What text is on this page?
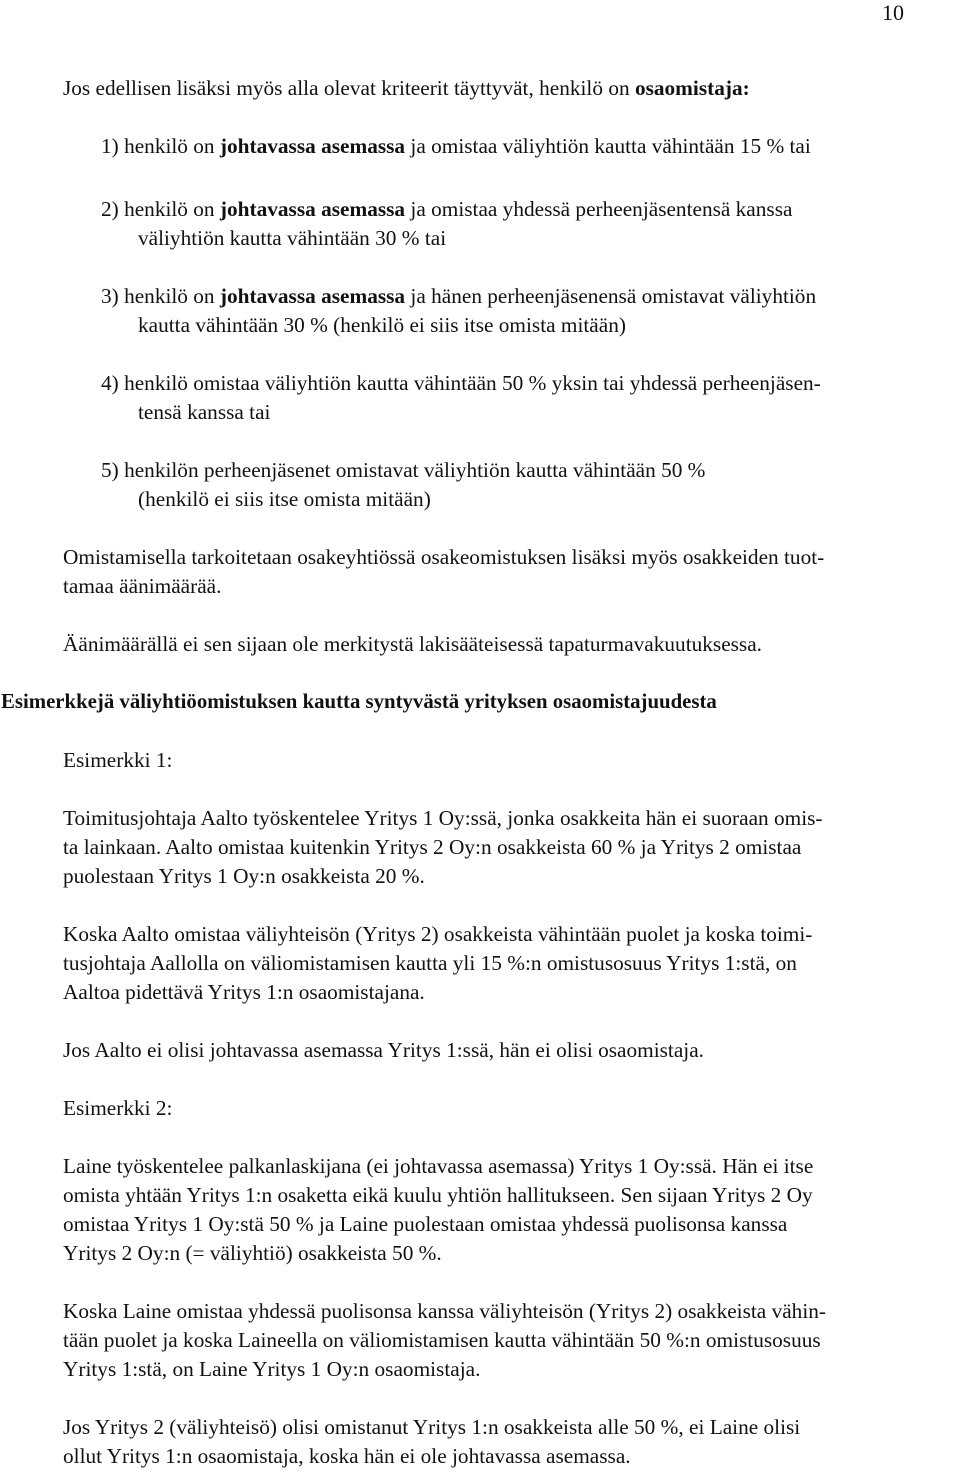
10

Jos edellisen lisäksi myös alla olevat kriteerit täyttyvät, henkilö on osaomistaja:

1) henkilö on johtavassa asemassa ja omistaa väliyhtiön kautta vähintään 15 % tai

2) henkilö on johtavassa asemassa ja omistaa yhdessä perheenjäsentensä kanssa

väliyhtiön kautta vähintään 30 % tai

3) henkilö on johtavassa asemassa ja hänen perheenjäsenensä omistavat väliyhtiön

kautta vähintään 30 % (henkilö ei siis itse omista mitään)

4) henkilö omistaa väliyhtiön kautta vähintään 50 % yksin tai yhdessä perheenjäsen-

tensä kanssa tai

5) henkilön perheenjäsenet omistavat väliyhtiön kautta vähintään 50 %

(henkilö ei siis itse omista mitään)

Omistamisella tarkoitetaan osakeyhtiössä osakeomistuksen lisäksi myös osakkeiden tuot-

tamaa äänimäärää.

Äänimäärällä ei sen sijaan ole merkitystä lakisääteisessä tapaturmavakuutuksessa.

Esimerkkejä väliyhtiöomistuksen kautta syntyvästä yrityksen osaomistajuudesta

Esimerkki 1:

Toimitusjohtaja Aalto työskentelee Yritys 1 Oy:ssä, jonka osakkeita hän ei suoraan omis-

ta lainkaan. Aalto omistaa kuitenkin Yritys 2 Oy:n osakkeista 60 % ja Yritys 2 omistaa

puolestaan Yritys 1 Oy:n osakkeista 20 %.

Koska Aalto omistaa väliyhteisön (Yritys 2) osakkeista vähintään puolet ja koska toimi-

tusjohtaja Aallolla on väliomistamisen kautta yli 15 %:n omistusosuus Yritys 1:stä, on

Aaltoa pidettävä Yritys 1:n osaomistajana.

Jos Aalto ei olisi johtavassa asemassa Yritys 1:ssä, hän ei olisi osaomistaja.

Esimerkki 2:

Laine työskentelee palkanlaskijana (ei johtavassa asemassa) Yritys 1 Oy:ssä. Hän ei itse

omista yhtään Yritys 1:n osaketta eikä kuulu yhtiön hallitukseen. Sen sijaan Yritys 2 Oy

omistaa Yritys 1 Oy:stä 50 % ja Laine puolestaan omistaa yhdessä puolisonsa kanssa

Yritys 2 Oy:n (= väliyhtiö) osakkeista 50 %.

Koska Laine omistaa yhdessä puolisonsa kanssa väliyhteisön (Yritys 2) osakkeista vähin-

tään puolet ja koska Laineella on väliomistamisen kautta vähintään 50 %:n omistusosuus

Yritys 1:stä, on Laine Yritys 1 Oy:n osaomistaja.

Jos Yritys 2 (väliyhteisö) olisi omistanut Yritys 1:n osakkeista alle 50 %, ei Laine olisi

ollut Yritys 1:n osaomistaja, koska hän ei ole johtavassa asemassa.
